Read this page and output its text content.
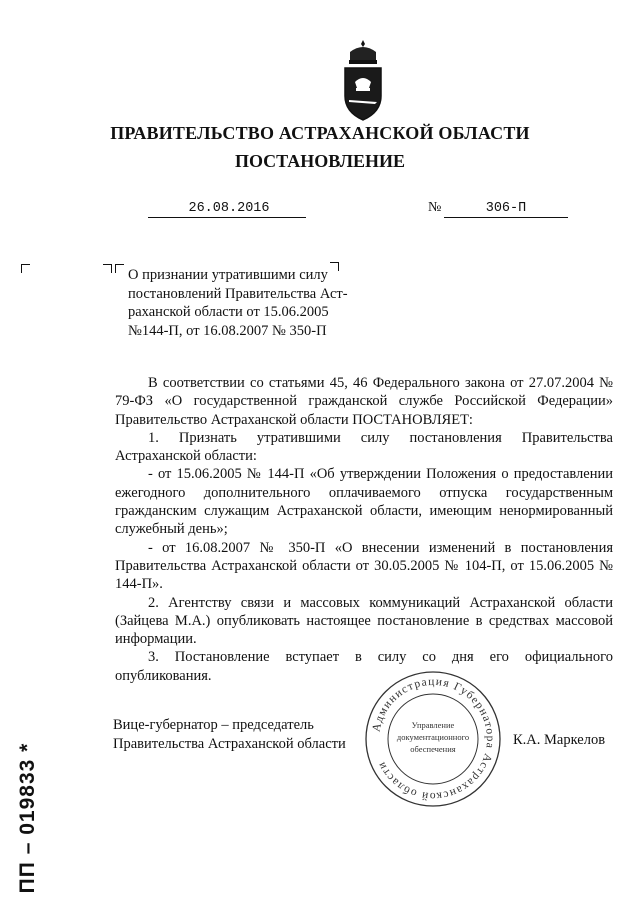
ПРАВИТЕЛЬСТВО АСТРАХАНСКОЙ ОБЛАСТИ
ПОСТАНОВЛЕНИЕ
26.08.2016	№	306-П
О признании утратившими силу
постановлений Правительства Аст-
раханской области от 15.06.2005
№144-П, от 16.08.2007 № 350-П

В соответствии со статьями 45, 46 Федерального закона от 27.07.2004 № 79-ФЗ «О государственной гражданской службе Российской Федерации» Правительство Астраханской области ПОСТАНОВЛЯЕТ:

1. Признать утратившими силу постановления Правительства Астраханской области:

- от 15.06.2005 № 144-П «Об утверждении Положения о предоставлении ежегодного дополнительного оплачиваемого отпуска государственным гражданским служащим Астраханской области, имеющим ненормированный служебный день»;

- от 16.08.2007 № 350-П «О внесении изменений в постановления Правительства Астраханской области от 30.05.2005 № 104-П, от 15.06.2005 № 144-П».

2. Агентству связи и массовых коммуникаций Астраханской области (Зайцева М.А.) опубликовать настоящее постановление в средствах массовой информации.

3. Постановление вступает в силу со дня его официального опубликования.

Вице-губернатор – председатель
Правительства Астраханской области
Администрация Губернатора Астраханской области
Управление
документационного
обеспечения
К.А. Маркелов
ПП – 019833 *
